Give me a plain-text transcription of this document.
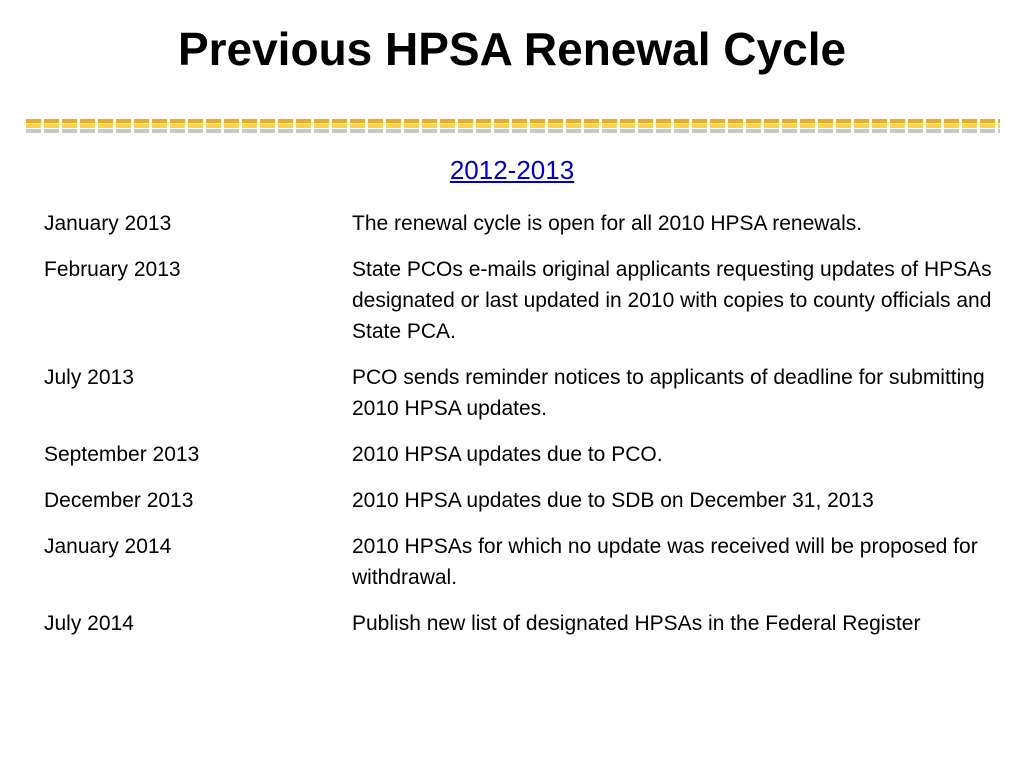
Previous HPSA Renewal Cycle
2012-2013
January 2013	The renewal cycle is open for all 2010 HPSA renewals.
February 2013	State PCOs e-mails original applicants requesting updates of HPSAs designated or last updated in 2010 with copies to county officials and State PCA.
July 2013	PCO sends reminder notices to applicants of deadline for submitting 2010 HPSA updates.
September 2013	2010 HPSA updates due to PCO.
December 2013	2010 HPSA updates due to SDB on December 31, 2013
January 2014	2010 HPSAs for which no update was received will be proposed for withdrawal.
July 2014	Publish new list of designated HPSAs in the Federal Register
